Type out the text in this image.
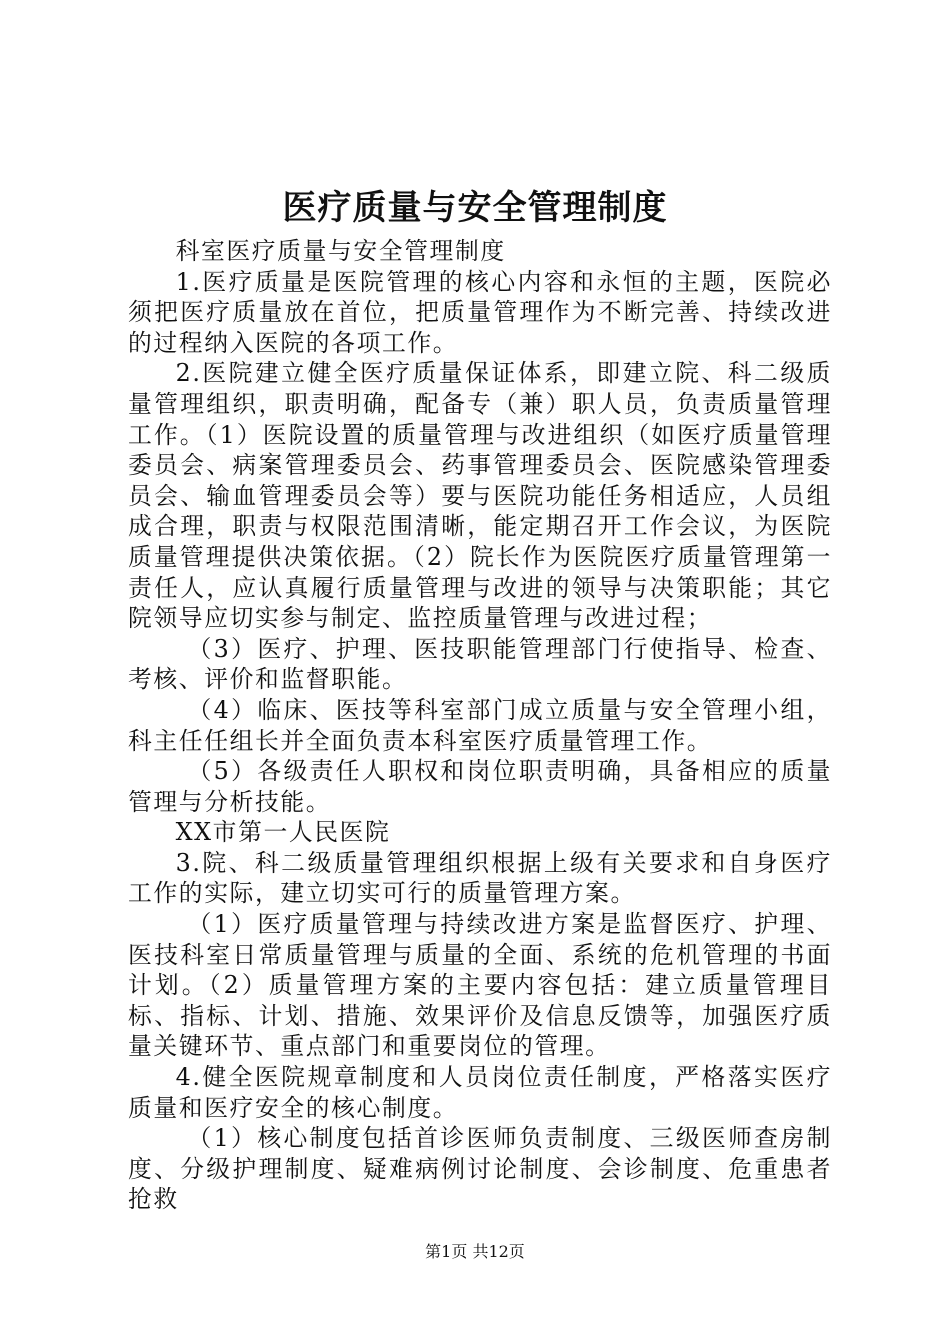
医疗质量与安全管理制度

科室医疗质量与安全管理制度

1.医疗质量是医院管理的核心内容和永恒的主题，医院必须把医疗质量放在首位，把质量管理作为不断完善、持续改进的过程纳入医院的各项工作。

2.医院建立健全医疗质量保证体系，即建立院、科二级质量管理组织，职责明确，配备专（兼）职人员，负责质量管理工作。（1）医院设置的质量管理与改进组织（如医疗质量管理委员会、病案管理委员会、药事管理委员会、医院感染管理委员会、输血管理委员会等）要与医院功能任务相适应，人员组成合理，职责与权限范围清晰，能定期召开工作会议，为医院质量管理提供决策依据。（2）院长作为医院医疗质量管理第一责任人，应认真履行质量管理与改进的领导与决策职能；其它院领导应切实参与制定、监控质量管理与改进过程；

（3）医疗、护理、医技职能管理部门行使指导、检查、考核、评价和监督职能。

（4）临床、医技等科室部门成立质量与安全管理小组，科主任任组长并全面负责本科室医疗质量管理工作。

（5）各级责任人职权和岗位职责明确，具备相应的质量管理与分析技能。

XX市第一人民医院

3.院、科二级质量管理组织根据上级有关要求和自身医疗工作的实际，建立切实可行的质量管理方案。

（1）医疗质量管理与持续改进方案是监督医疗、护理、医技科室日常质量管理与质量的全面、系统的危机管理的书面计划。（2）质量管理方案的主要内容包括：建立质量管理目标、指标、计划、措施、效果评价及信息反馈等，加强医疗质量关键环节、重点部门和重要岗位的管理。

4.健全医院规章制度和人员岗位责任制度，严格落实医疗质量和医疗安全的核心制度。

（1）核心制度包括首诊医师负责制度、三级医师查房制度、分级护理制度、疑难病例讨论制度、会诊制度、危重患者抢救

第1页 共12页
